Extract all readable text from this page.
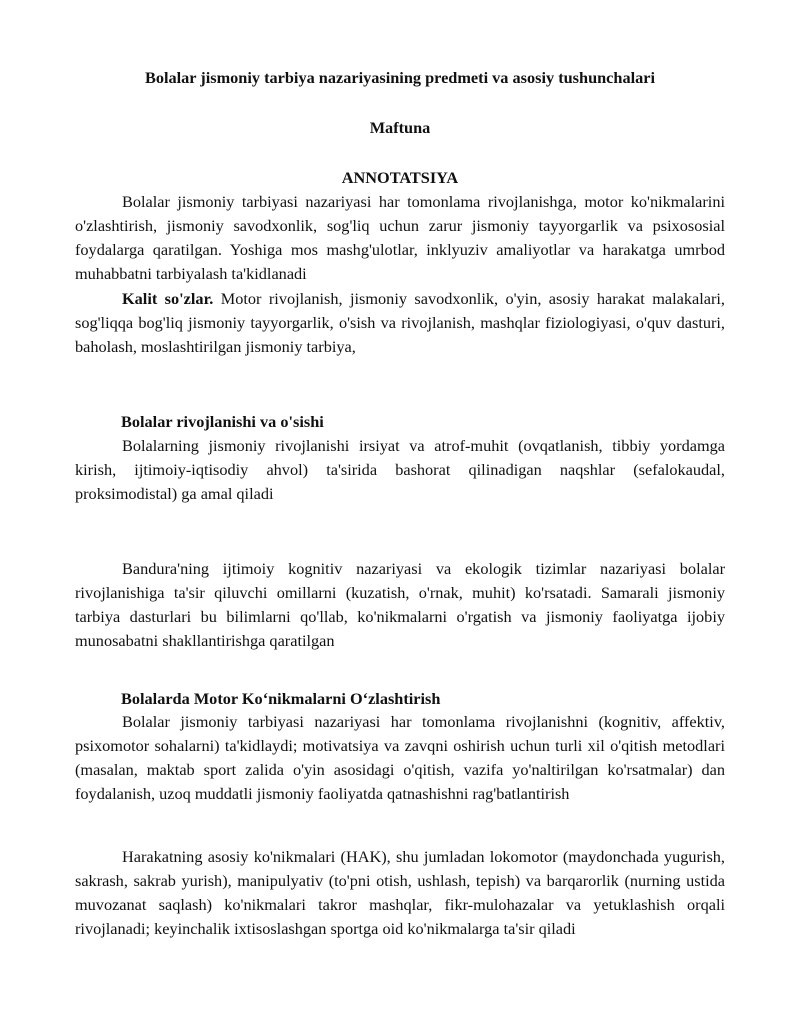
Bolalar jismoniy tarbiya nazariyasining predmeti va asosiy tushunchalari
Maftuna
ANNOTATSIYA

Bolalar jismoniy tarbiyasi nazariyasi har tomonlama rivojlanishga, motor ko'nikmalarini o'zlashtirish, jismoniy savodxonlik, sog'liq uchun zarur jismoniy tayyorgarlik va psixososial foydalarga qaratilgan. Yoshiga mos mashg'ulotlar, inklyuziv amaliyotlar va harakatga umrbod muhabbatni tarbiyalash ta'kidlanadi

Kalit so'zlar. Motor rivojlanish, jismoniy savodxonlik, o'yin, asosiy harakat malakalari, sog'liqqa bog'liq jismoniy tayyorgarlik, o'sish va rivojlanish, mashqlar fiziologiyasi, o'quv dasturi, baholash, moslashtirilgan jismoniy tarbiya,

Bolalar rivojlanishi va o'sishi

Bolalarning jismoniy rivojlanishi irsiyat va atrof-muhit (ovqatlanish, tibbiy yordamga kirish, ijtimoiy-iqtisodiy ahvol) ta'sirida bashorat qilinadigan naqshlar (sefalokaudal, proksimodistal) ga amal qiladi

Bandura'ning ijtimoiy kognitiv nazariyasi va ekologik tizimlar nazariyasi bolalar rivojlanishiga ta'sir qiluvchi omillarni (kuzatish, o'rnak, muhit) ko'rsatadi. Samarali jismoniy tarbiya dasturlari bu bilimlarni qo'llab, ko'nikmalarni o'rgatish va jismoniy faoliyatga ijobiy munosabatni shakllantirishga qaratilgan

Bolalarda Motor Ko‘nikmalarni O‘zlashtirish

Bolalar jismoniy tarbiyasi nazariyasi har tomonlama rivojlanishni (kognitiv, affektiv, psixomotor sohalarni) ta'kidlaydi; motivatsiya va zavqni oshirish uchun turli xil o'qitish metodlari (masalan, maktab sport zalida o'yin asosidagi o'qitish, vazifa yo'naltirilgan ko'rsatmalar) dan foydalanish, uzoq muddatli jismoniy faoliyatda qatnashishni rag'batlantirish

Harakatning asosiy ko'nikmalari (HAK), shu jumladan lokomotor (maydonchada yugurish, sakrash, sakrab yurish), manipulyativ (to'pni otish, ushlash, tepish) va barqarorlik (nurning ustida muvozanat saqlash) ko'nikmalari takror mashqlar, fikr-mulohazalar va yetuklashish orqali rivojlanadi; keyinchalik ixtisoslashgan sportga oid ko'nikmalarga ta'sir qiladi
